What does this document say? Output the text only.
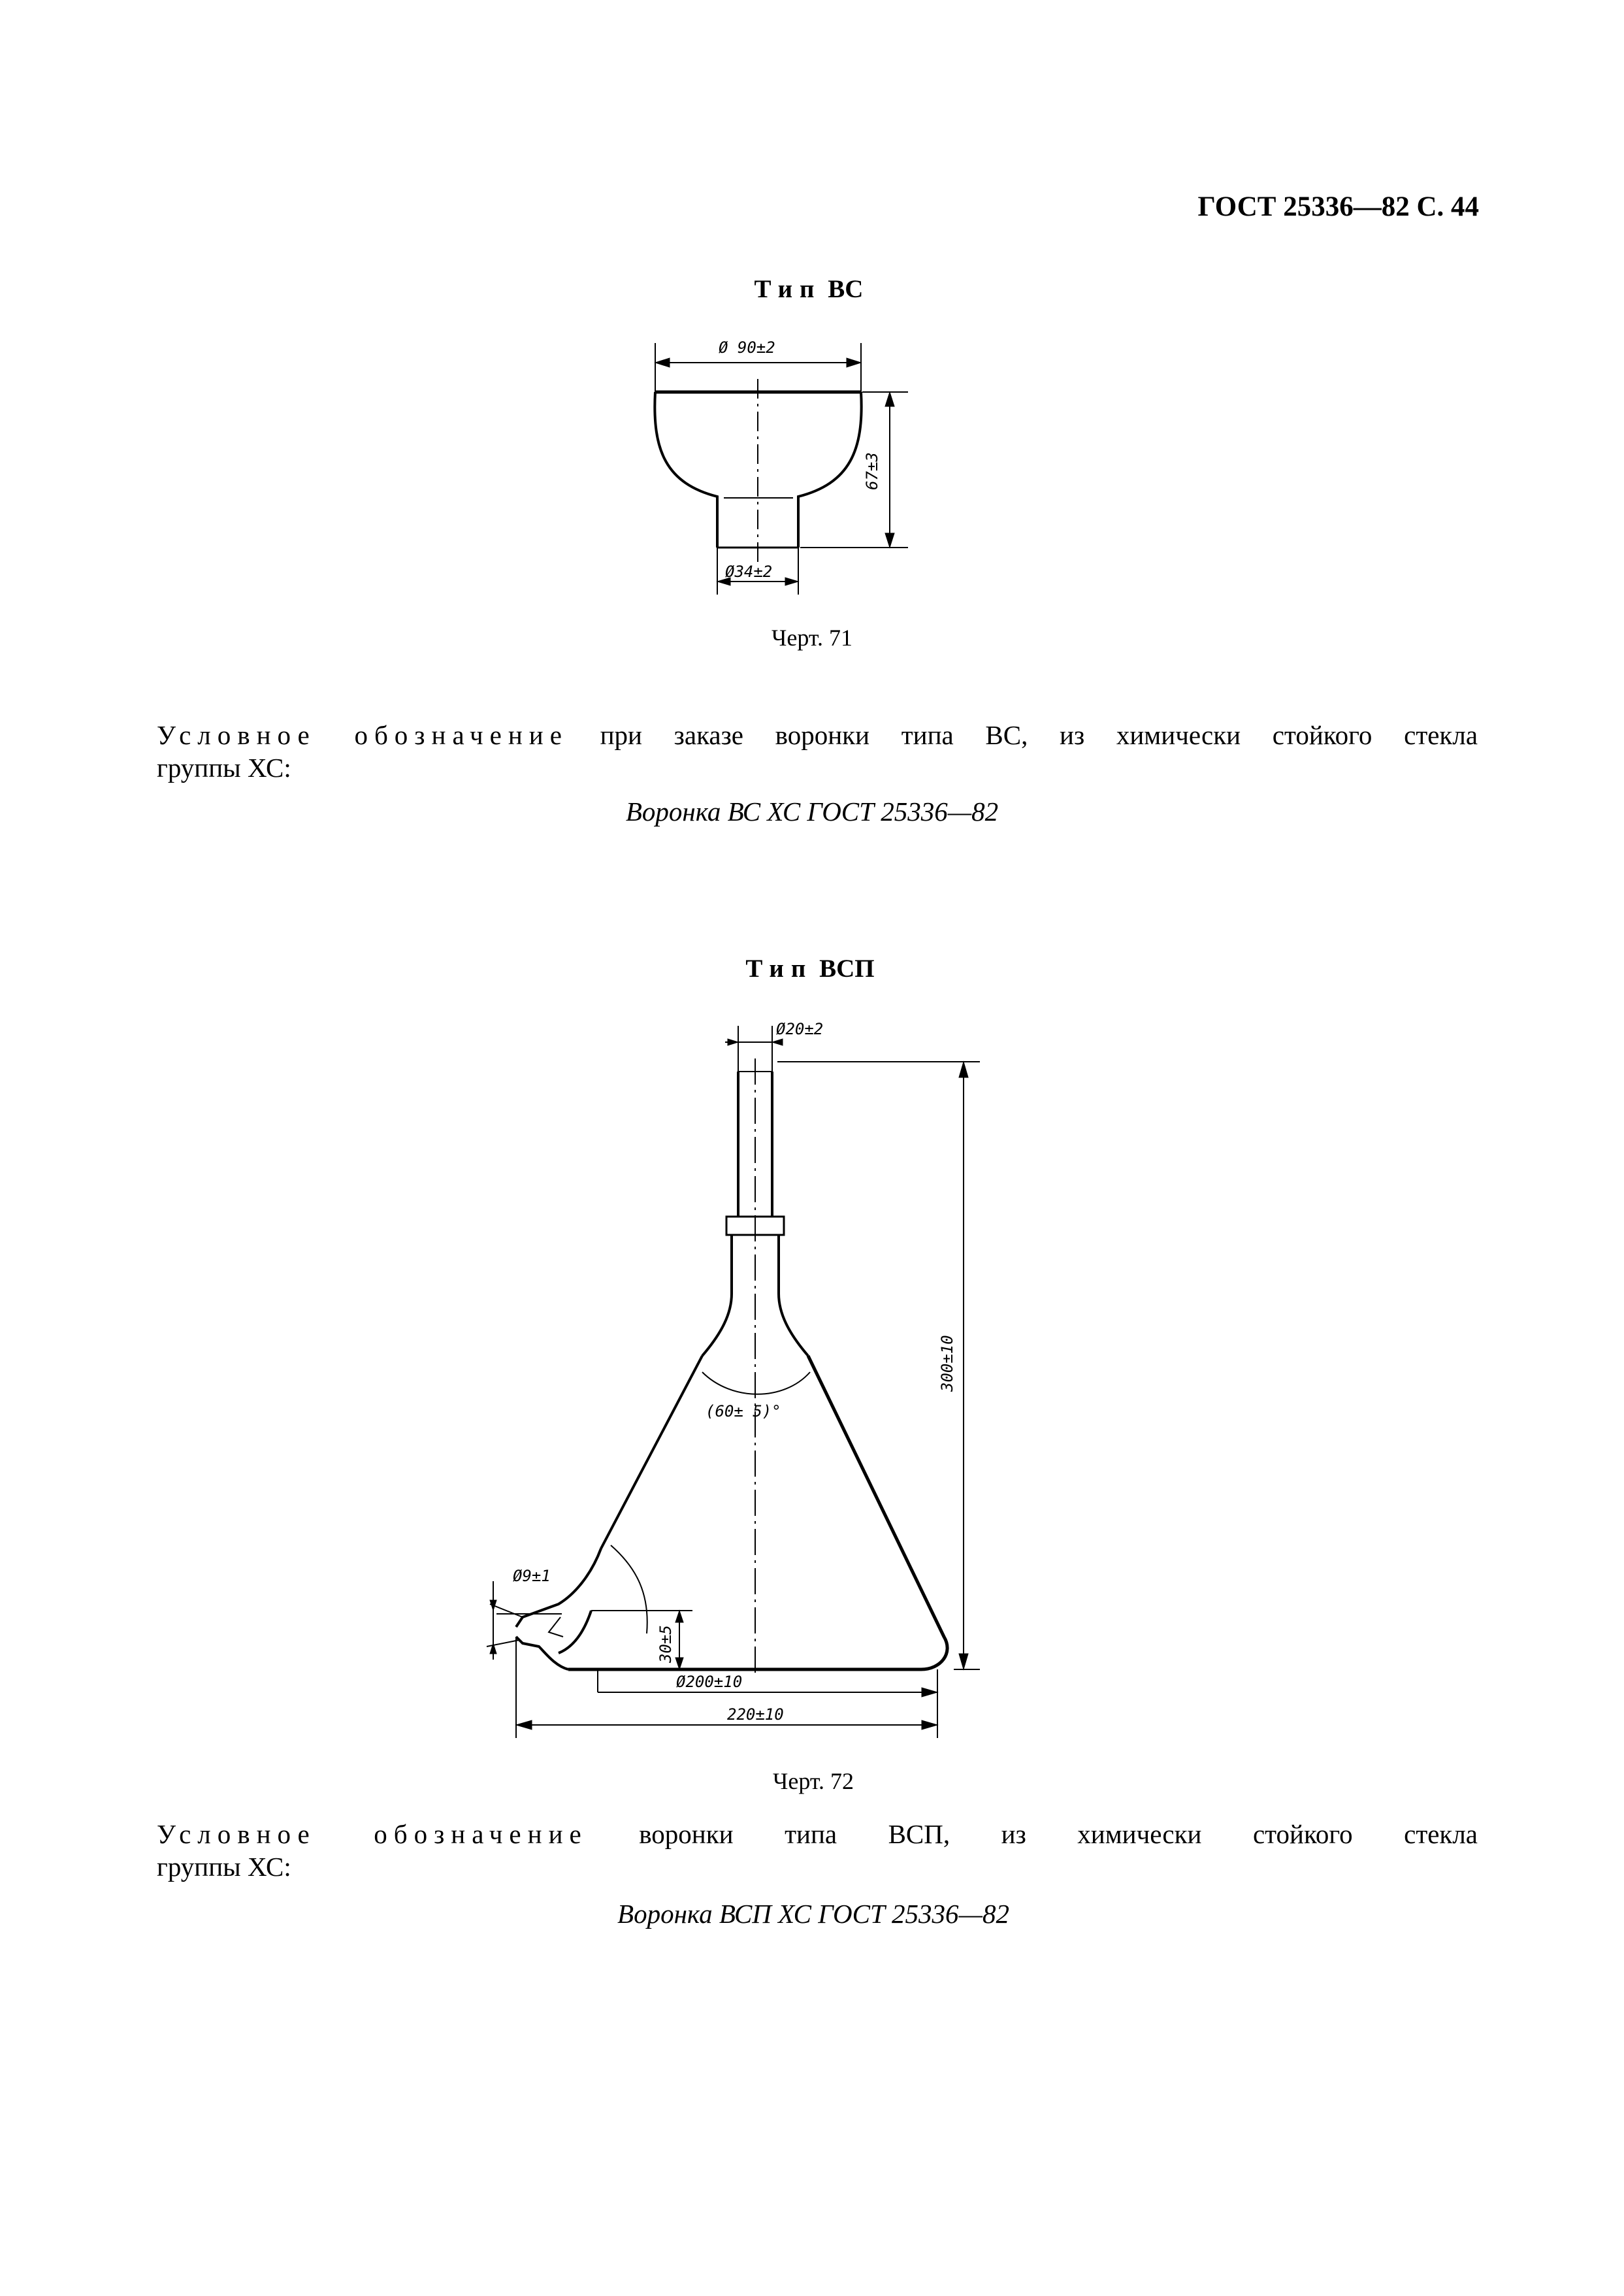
ГОСТ 25336—82 С. 44
Тип ВС
Ø 90±2
67±3
Ø34±2
Черт. 71
Условное обозначение при заказе воронки типа ВС, из химически стойкого стекла
группы ХС:
Воронка ВС ХС ГОСТ 25336—82
Тип ВСП
Ø20±2
300±10
(60± 5)°
Ø9±1
30±5
Ø200±10
220±10
Черт. 72
Условное обозначение воронки типа ВСП, из химически стойкого стекла
группы ХС:
Воронка ВСП ХС ГОСТ 25336—82
